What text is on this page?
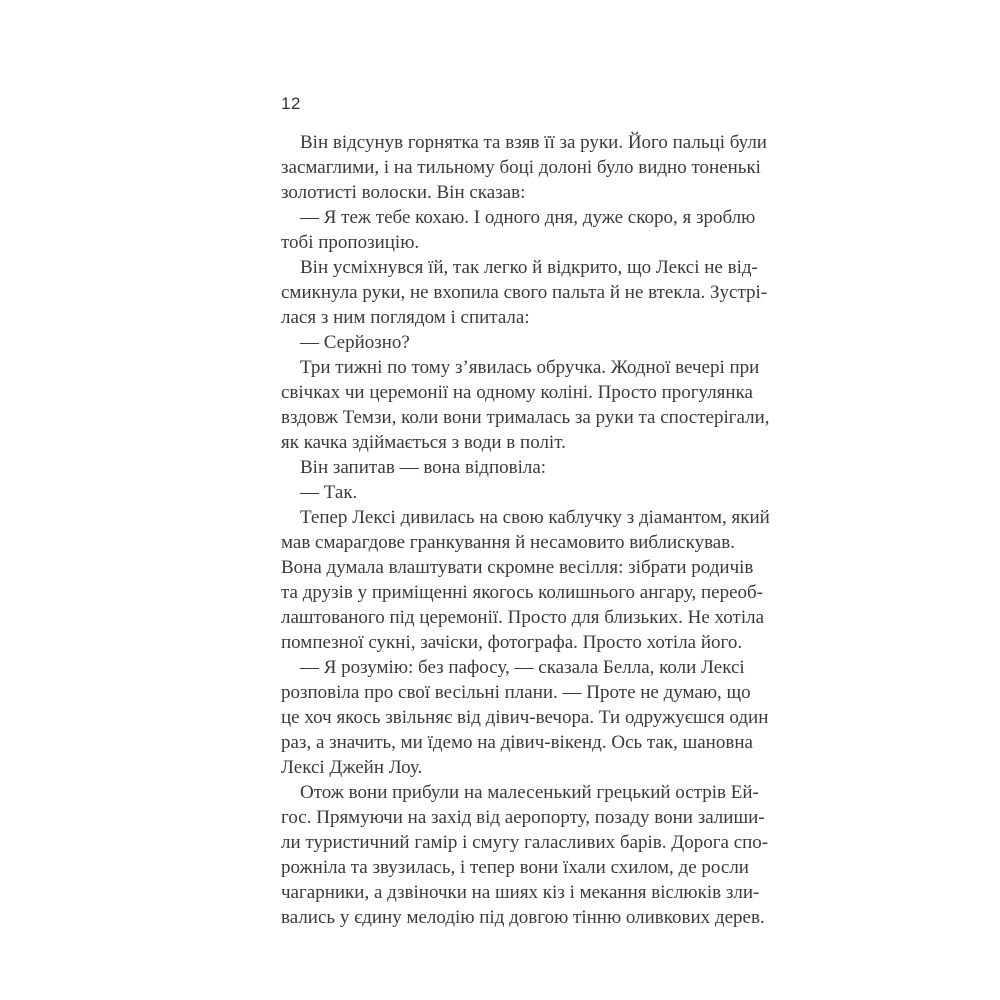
12
Він відсунув горнятка та взяв її за руки. Його пальці були
засмаглими, і на тильному боці долоні було видно тоненькі
золотисті волоски. Він сказав:
— Я теж тебе кохаю. І одного дня, дуже скоро, я зроблю
тобі пропозицію.
Він усміхнувся їй, так легко й відкрито, що Лексі не від-
смикнула руки, не вхопила свого пальта й не втекла. Зустрі-
лася з ним поглядом і спитала:
— Серйозно?
Три тижні по тому з’явилась обручка. Жодної вечері при
свічках чи церемонії на одному коліні. Просто прогулянка
вздовж Темзи, коли вони трималась за руки та спостерігали,
як качка здіймається з води в політ.
Він запитав — вона відповіла:
— Так.
Тепер Лексі дивилась на свою каблучку з діамантом, який
мав смарагдове гранкування й несамовито виблискував.
Вона думала влаштувати скромне весілля: зібрати родичів
та друзів у приміщенні якогось колишнього ангару, переоб-
лаштованого під церемонії. Просто для близьких. Не хотіла
помпезної сукні, зачіски, фотографа. Просто хотіла його.
— Я розумію: без пафосу, — сказала Белла, коли Лексі
розповіла про свої весільні плани. — Проте не думаю, що
це хоч якось звільняє від дівич-вечора. Ти одружуєшся один
раз, а значить, ми їдемо на дівич-вікенд. Ось так, шановна
Лексі Джейн Лоу.
Отож вони прибули на малесенький грецький острів Ей-
гос. Прямуючи на захід від аеропорту, позаду вони залиши-
ли туристичний гамір і смугу галасливих барів. Дорога спо-
рожніла та звузилась, і тепер вони їхали схилом, де росли
чагарники, а дзвіночки на шиях кіз і мекання віслюків зли-
вались у єдину мелодію під довгою тінню оливкових дерев.
